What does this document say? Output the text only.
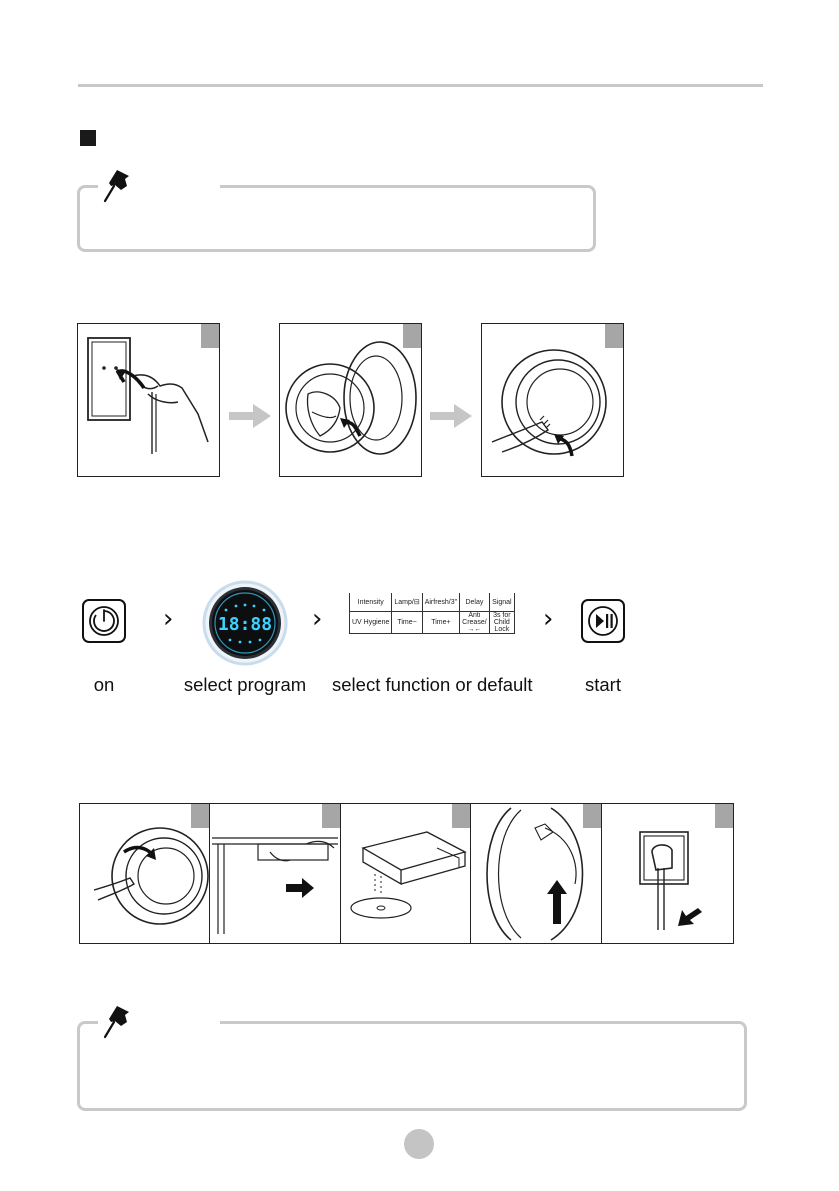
› 18:88 ›
Intensity	Lamp/⊟	Airfresh/3"	Delay	Signal
UV Hygiene	Time−	Time+	Anti Crease/→←	3s for Child Lock ›
on	select program select function or default	start
